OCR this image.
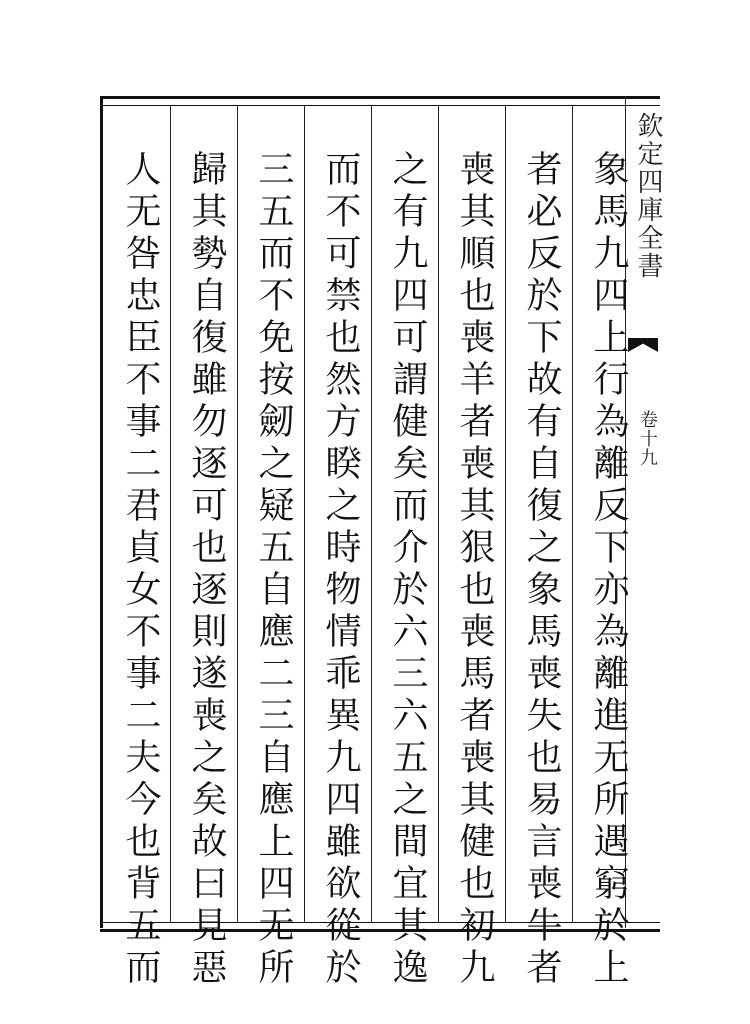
欽定四庫全書
卷十九
象馬九四上行為離反下亦為離進无所遇窮於上
者必反於下故有自復之象馬喪失也易言喪牛者
喪其順也喪羊者喪其狠也喪馬者喪其健也初九
之有九四可謂健矣而介於六三六五之間宜其逸
而不可禁也然方睽之時物情乖異九四雖欲從於
三五而不免按劒之疑五自應二三自應上四无所
歸其勢自復雖勿逐可也逐則遂喪之矣故曰見惡
人无咎忠臣不事二君貞女不事二夫今也背五而
